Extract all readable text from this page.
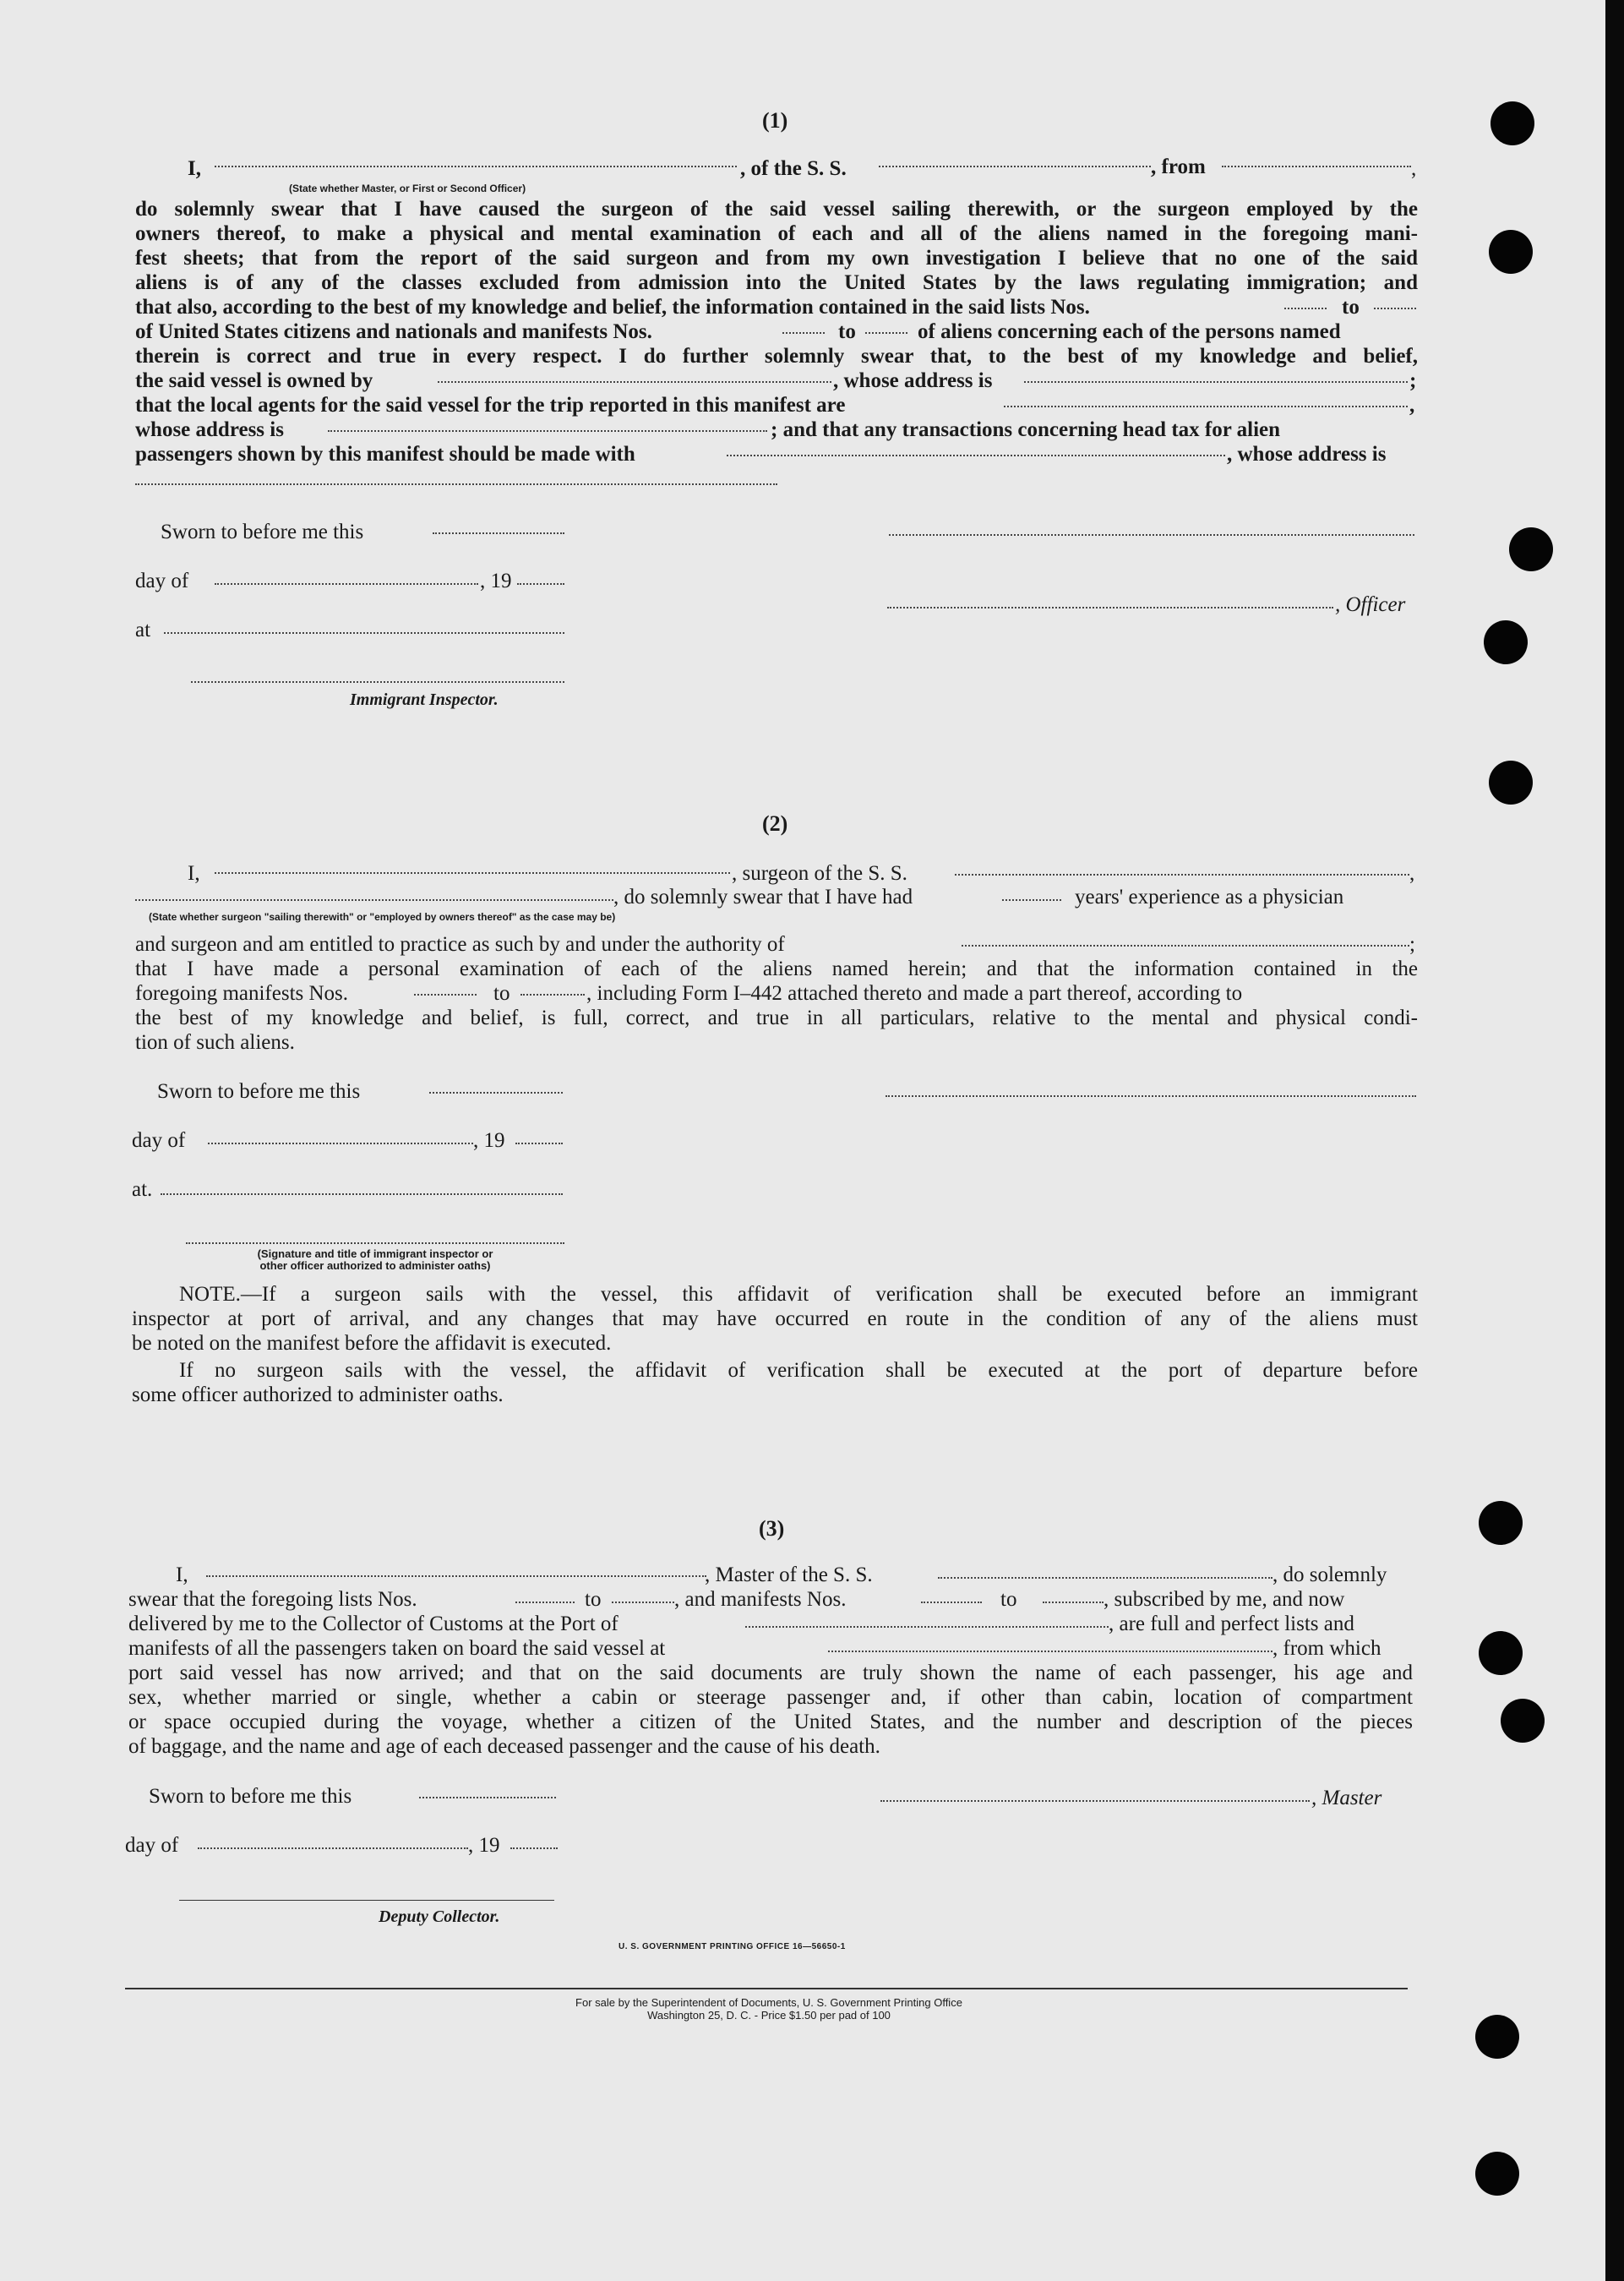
(1)
I,	, of the S. S.	, from	,
(State whether Master, or First or Second Officer)
do solemnly swear that I have caused the surgeon of the said vessel sailing therewith, or the surgeon employed by the
owners thereof, to make a physical and mental examination of each and all of the aliens named in the foregoing mani-
fest sheets; that from the report of the said surgeon and from my own investigation I believe that no one of the said
aliens is of any of the classes excluded from admission into the United States by the laws regulating immigration; and
that also, according to the best of my knowledge and belief, the information contained in the said lists Nos.	to
of United States citizens and nationals and manifests Nos.	to	of aliens concerning each of the persons named
therein is correct and true in every respect. I do further solemnly swear that, to the best of my knowledge and belief,
the said vessel is owned by	, whose address is	;
that the local agents for the said vessel for the trip reported in this manifest are	,
whose address is	; and that any transactions concerning head tax for alien
passengers shown by this manifest should be made with	, whose address is
Sworn to before me this
day of	, 19
, Officer
at
Immigrant Inspector.
(2)
I,	, surgeon of the S. S.	,
, do solemnly swear that I have had	years' experience as a physician
(State whether surgeon "sailing therewith" or "employed by owners thereof" as the case may be)
and surgeon and am entitled to practice as such by and under the authority of	;
that I have made a personal examination of each of the aliens named herein; and that the information contained in the
foregoing manifests Nos.	to	, including Form I–442 attached thereto and made a part thereof, according to
the best of my knowledge and belief, is full, correct, and true in all particulars, relative to the mental and physical condi-
tion of such aliens.
Sworn to before me this
day of	, 19
at.
(Signature and title of immigrant inspector or
other officer authorized to administer oaths)
NOTE.—If a surgeon sails with the vessel, this affidavit of verification shall be executed before an immigrant
inspector at port of arrival, and any changes that may have occurred en route in the condition of any of the aliens must
be noted on the manifest before the affidavit is executed.
If no surgeon sails with the vessel, the affidavit of verification shall be executed at the port of departure before
some officer authorized to administer oaths.
(3)
I,	, Master of the S. S.	, do solemnly
swear that the foregoing lists Nos.	to	, and manifests Nos.	to	, subscribed by me, and now
delivered by me to the Collector of Customs at the Port of	, are full and perfect lists and
manifests of all the passengers taken on board the said vessel at	, from which
port said vessel has now arrived; and that on the said documents are truly shown the name of each passenger, his age and
sex, whether married or single, whether a cabin or steerage passenger and, if other than cabin, location of compartment
or space occupied during the voyage, whether a citizen of the United States, and the number and description of the pieces
of baggage, and the name and age of each deceased passenger and the cause of his death.
Sworn to before me this	, Master
day of	, 19
Deputy Collector.
U. S. GOVERNMENT PRINTING OFFICE 16—56650-1
For sale by the Superintendent of Documents, U. S. Government Printing Office
Washington 25, D. C. - Price $1.50 per pad of 100
